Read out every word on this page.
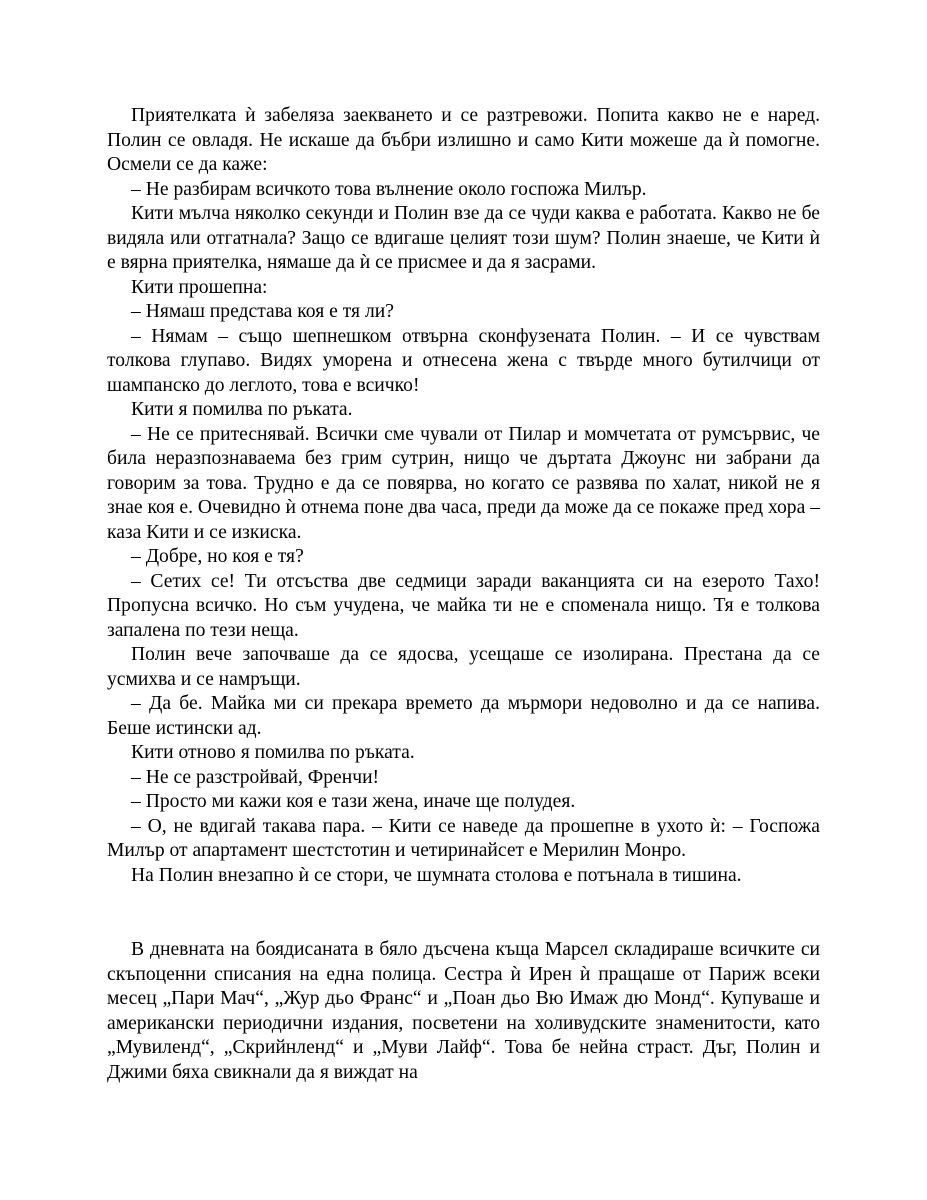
Приятелката ѝ забеляза заекването и се разтревожи. Попита какво не е наред. Полин се овладя. Не искаше да бъбри излишно и само Кити можеше да ѝ помогне. Осмели се да каже:

– Не разбирам всичкото това вълнение около госпожа Милър.

Кити мълча няколко секунди и Полин взе да се чуди каква е работата. Какво не бе видяла или отгатнала? Защо се вдигаше целият този шум? Полин знаеше, че Кити ѝ е вярна приятелка, нямаше да ѝ се присмее и да я засрами.

Кити прошепна:

– Нямаш представа коя е тя ли?

– Нямам – също шепнешком отвърна сконфузената Полин. – И се чувствам толкова глупаво. Видях уморена и отнесена жена с твърде много бутилчици от шампанско до леглото, това е всичко!

Кити я помилва по ръката.

– Не се притеснявай. Всички сме чували от Пилар и момчетата от румсървис, че била неразпознаваема без грим сутрин, нищо че дъртата Джоунс ни забрани да говорим за това. Трудно е да се повярва, но когато се развява по халат, никой не я знае коя е. Очевидно ѝ отнема поне два часа, преди да може да се покаже пред хора – каза Кити и се изкиска.

– Добре, но коя е тя?

– Сетих се! Ти отсъства две седмици заради ваканцията си на езерото Тахо! Пропусна всичко. Но съм учудена, че майка ти не е споменала нищо. Тя е толкова запалена по тези неща.

Полин вече започваше да се ядосва, усещаше се изолирана. Престана да се усмихва и се намръщи.

– Да бе. Майка ми си прекара времето да мърмори недоволно и да се напива. Беше истински ад.

Кити отново я помилва по ръката.

– Не се разстройвай, Френчи!

– Просто ми кажи коя е тази жена, иначе ще полудея.

– О, не вдигай такава пара. – Кити се наведе да прошепне в ухото ѝ: – Госпожа Милър от апартамент шестстотин и четиринайсет е Мерилин Монро.

На Полин внезапно ѝ се стори, че шумната столова е потънала в тишина.

В дневната на боядисаната в бяло дъсчена къща Марсел складираше всичките си скъпоценни списания на една полица. Сестра ѝ Ирен ѝ пращаше от Париж всеки месец „Пари Мач“, „Жур дьо Франс“ и „Поан дьо Вю Имаж дю Монд“. Купуваше и американски периодични издания, посветени на холивудските знаменитости, като „Мувиленд“, „Скрийнленд“ и „Муви Лайф“. Това бе нейна страст. Дъг, Полин и Джими бяха свикнали да я виждат на
